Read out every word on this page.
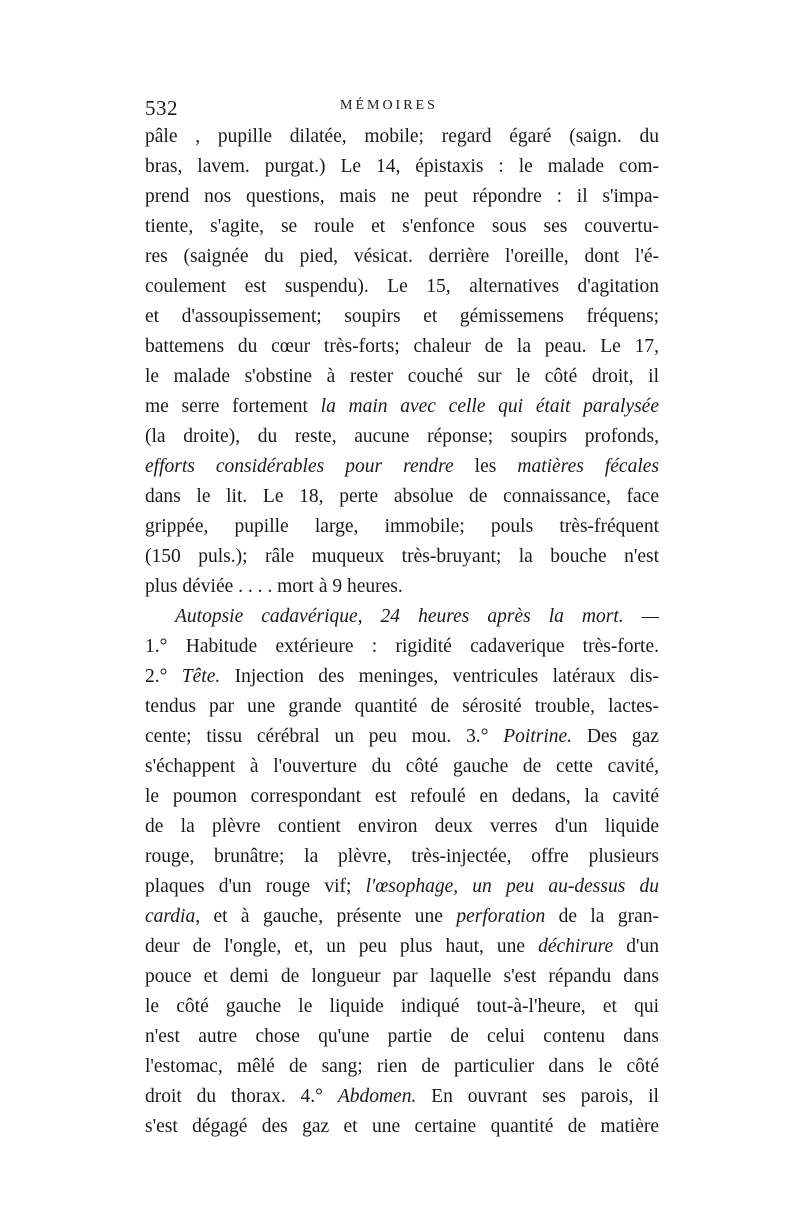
532	MÉMOIRES
pâle , pupille dilatée, mobile; regard égaré (saign. du
bras, lavem. purgat.) Le 14, épistaxis : le malade com-
prend nos questions, mais ne peut répondre : il s'impa-
tiente, s'agite, se roule et s'enfonce sous ses couvertu-
res (saignée du pied, vésicat. derrière l'oreille, dont l'é-
coulement est suspendu). Le 15, alternatives d'agitation
et d'assoupissement; soupirs et gémissemens fréquens;
battemens du cœur très-forts; chaleur de la peau. Le 17,
le malade s'obstine à rester couché sur le côté droit, il
me serre fortement la main avec celle qui était paralysée
(la droite), du reste, aucune réponse; soupirs profonds,
efforts considérables pour rendre les matières fécales
dans le lit. Le 18, perte absolue de connaissance, face
grippée, pupille large, immobile; pouls très-fréquent
(150 puls.); râle muqueux très-bruyant; la bouche n'est
plus déviée . . . . mort à 9 heures.
Autopsie cadavérique, 24 heures après la mort. —
1.° Habitude extérieure : rigidité cadaverique très-forte.
2.° Tête. Injection des meninges, ventricules latéraux dis-
tendus par une grande quantité de sérosité trouble, lactes-
cente; tissu cérébral un peu mou. 3.° Poitrine. Des gaz
s'échappent à l'ouverture du côté gauche de cette cavité,
le poumon correspondant est refoulé en dedans, la cavité
de la plèvre contient environ deux verres d'un liquide
rouge, brunâtre; la plèvre, très-injectée, offre plusieurs
plaques d'un rouge vif; l'œsophage, un peu au-dessus du
cardia, et à gauche, présente une perforation de la gran-
deur de l'ongle, et, un peu plus haut, une déchirure d'un
pouce et demi de longueur par laquelle s'est répandu dans
le côté gauche le liquide indiqué tout-à-l'heure, et qui
n'est autre chose qu'une partie de celui contenu dans
l'estomac, mêlé de sang; rien de particulier dans le côté
droit du thorax. 4.° Abdomen. En ouvrant ses parois, il
s'est dégagé des gaz et une certaine quantité de matière
